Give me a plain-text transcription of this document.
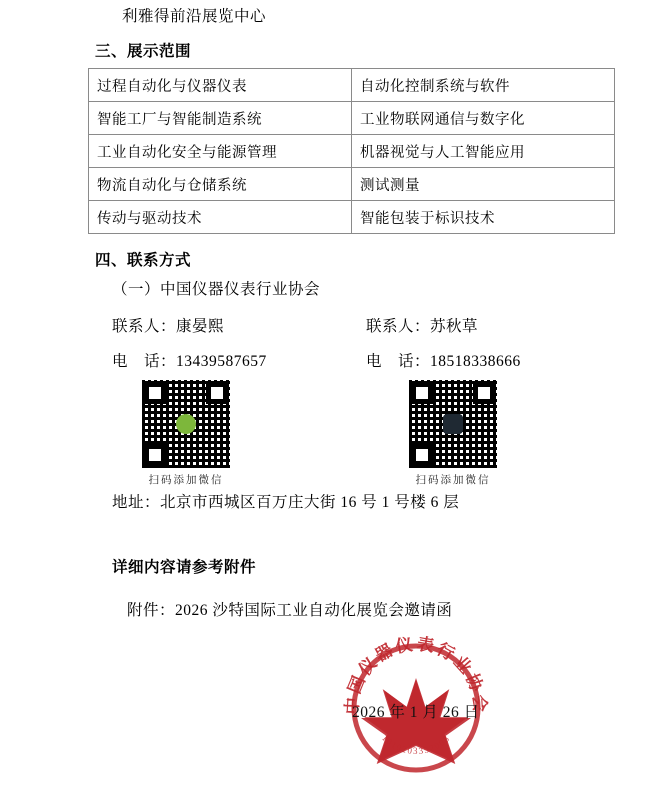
利雅得前沿展览中心
三、展示范围
过程自动化与仪器仪表	自动化控制系统与软件
智能工厂与智能制造系统	工业物联网通信与数字化
工业自动化安全与能源管理	机器视觉与人工智能应用
物流自动化与仓储系统	测试测量
传动与驱动技术	智能包装于标识技术
四、联系方式
（一）中国仪器仪表行业协会
联系人：康晏熙	联系人：苏秋草
电　话：13439587657	电　话：18518338666
扫码添加微信	扫码添加微信
地址：北京市西城区百万庄大街 16 号 1 号楼 6 层
详细内容请参考附件
附件：2026 沙特国际工业自动化展览会邀请函
中国仪器仪表行业协会
1010203352003
2026 年 1 月 26 日
